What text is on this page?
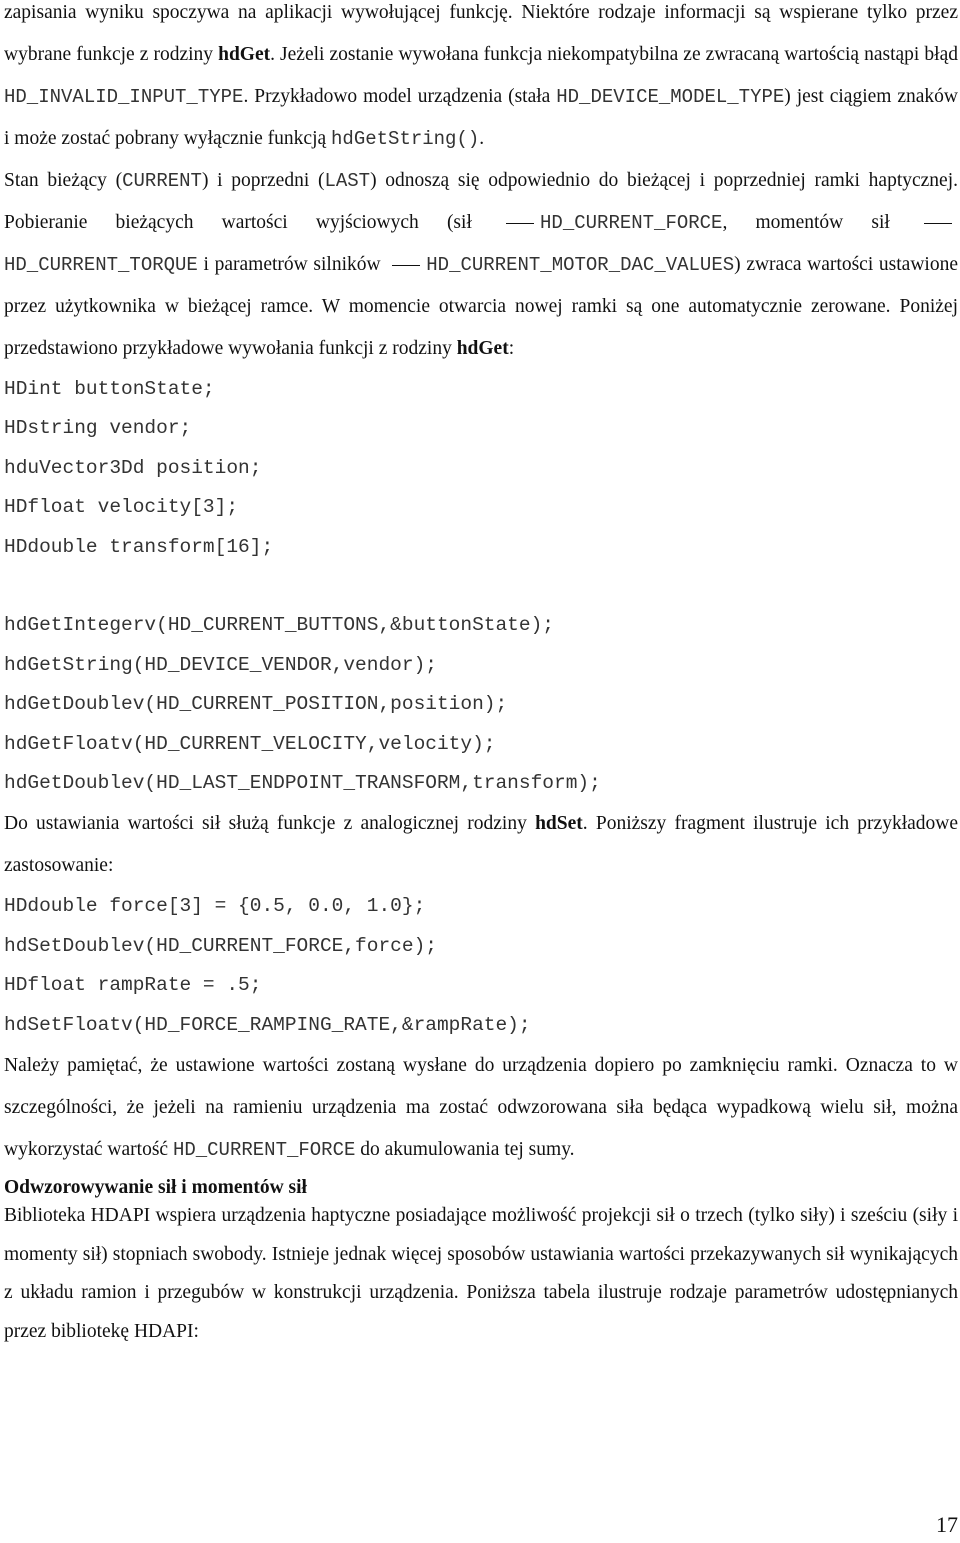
zapisania wyniku spoczywa na aplikacji wywołującej funkcję. Niektóre rodzaje informacji są wspierane tylko przez wybrane funkcje z rodziny hdGet. Jeżeli zostanie wywołana funkcja niekompatybilna ze zwracaną wartością nastąpi błąd HD_INVALID_INPUT_TYPE. Przykładowo model urządzenia (stała HD_DEVICE_MODEL_TYPE) jest ciągiem znaków i może zostać pobrany wyłącznie funkcją hdGetString().

Stan bieżący (CURRENT) i poprzedni (LAST) odnoszą się odpowiednio do bieżącej i poprzedniej ramki haptycznej. Pobieranie bieżących wartości wyjściowych (sił HD_CURRENT_FORCE, momentów sił HD_CURRENT_TORQUE i parametrów silników HD_CURRENT_MOTOR_DAC_VALUES) zwraca wartości ustawione przez użytkownika w bieżącej ramce. W momencie otwarcia nowej ramki są one automatycznie zerowane. Poniżej przedstawiono przykładowe wywołania funkcji z rodziny hdGet:

HDint buttonState;
HDstring vendor;
hduVector3Dd position;
HDfloat velocity[3];
HDdouble transform[16];

hdGetIntegerv(HD_CURRENT_BUTTONS,&buttonState);
hdGetString(HD_DEVICE_VENDOR,vendor);
hdGetDoublev(HD_CURRENT_POSITION,position);
hdGetFloatv(HD_CURRENT_VELOCITY,velocity);
hdGetDoublev(HD_LAST_ENDPOINT_TRANSFORM,transform);

Do ustawiania wartości sił służą funkcje z analogicznej rodziny hdSet. Poniższy fragment ilustruje ich przykładowe zastosowanie:

HDdouble force[3] = {0.5, 0.0, 1.0};
hdSetDoublev(HD_CURRENT_FORCE,force);
HDfloat rampRate = .5;
hdSetFloatv(HD_FORCE_RAMPING_RATE,&rampRate);

Należy pamiętać, że ustawione wartości zostaną wysłane do urządzenia dopiero po zamknięciu ramki. Oznacza to w szczególności, że jeżeli na ramieniu urządzenia ma zostać odwzorowana siła będąca wypadkową wielu sił, można wykorzystać wartość HD_CURRENT_FORCE do akumulowania tej sumy.

Odwzorowywanie sił i momentów sił

Biblioteka HDAPI wspiera urządzenia haptyczne posiadające możliwość projekcji sił o trzech (tylko siły) i sześciu (siły i momenty sił) stopniach swobody. Istnieje jednak więcej sposobów ustawiania wartości przekazywanych sił wynikających z układu ramion i przegubów w konstrukcji urządzenia. Poniższa tabela ilustruje rodzaje parametrów udostępnianych przez bibliotekę HDAPI:

17
